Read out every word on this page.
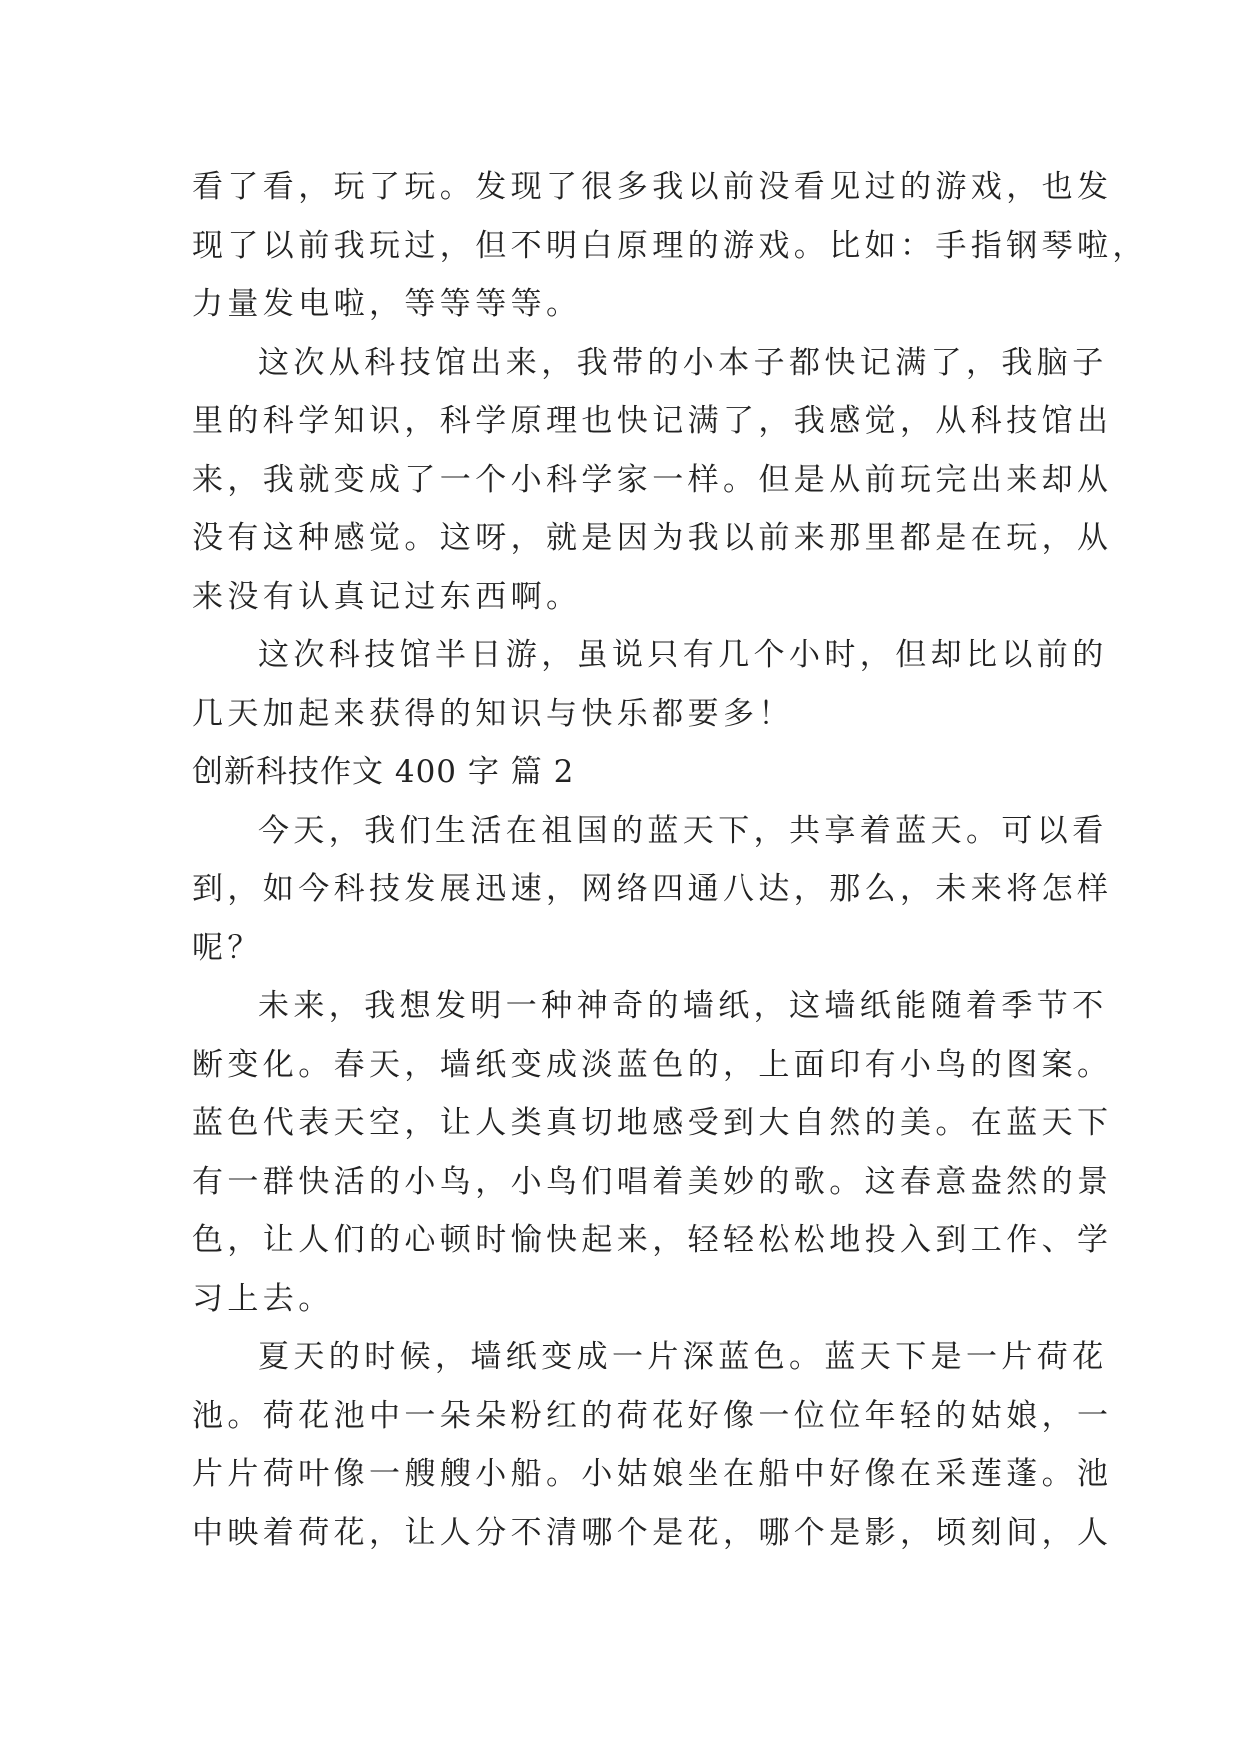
看了看，玩了玩。发现了很多我以前没看见过的游戏，也发
现了以前我玩过，但不明白原理的游戏。比如：手指钢琴啦，
力量发电啦，等等等等。
这次从科技馆出来，我带的小本子都快记满了，我脑子
里的科学知识，科学原理也快记满了，我感觉，从科技馆出
来，我就变成了一个小科学家一样。但是从前玩完出来却从
没有这种感觉。这呀，就是因为我以前来那里都是在玩，从
来没有认真记过东西啊。
这次科技馆半日游，虽说只有几个小时，但却比以前的
几天加起来获得的知识与快乐都要多！
创新科技作文 400 字 篇 2
今天，我们生活在祖国的蓝天下，共享着蓝天。可以看
到，如今科技发展迅速，网络四通八达，那么，未来将怎样
呢？
未来，我想发明一种神奇的墙纸，这墙纸能随着季节不
断变化。春天，墙纸变成淡蓝色的，上面印有小鸟的图案。
蓝色代表天空，让人类真切地感受到大自然的美。在蓝天下
有一群快活的小鸟，小鸟们唱着美妙的歌。这春意盎然的景
色，让人们的心顿时愉快起来，轻轻松松地投入到工作、学
习上去。
夏天的时候，墙纸变成一片深蓝色。蓝天下是一片荷花
池。荷花池中一朵朵粉红的荷花好像一位位年轻的姑娘，一
片片荷叶像一艘艘小船。小姑娘坐在船中好像在采莲蓬。池
中映着荷花，让人分不清哪个是花，哪个是影，顷刻间，人
